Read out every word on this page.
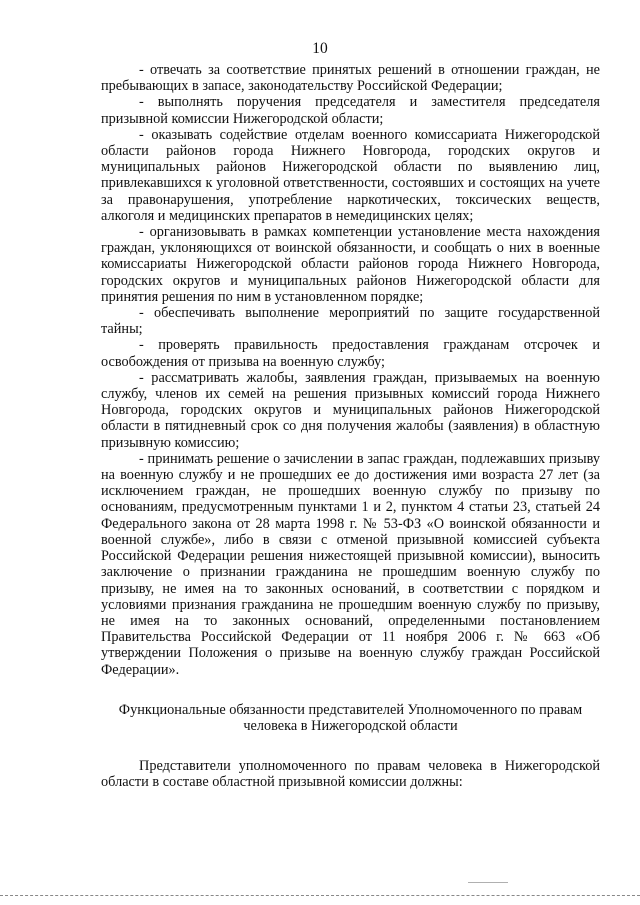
10

- отвечать за соответствие принятых решений в отношении граждан, не пребывающих в запасе, законодательству Российской Федерации;

- выполнять поручения председателя и заместителя председателя призывной комиссии Нижегородской области;

- оказывать содействие отделам военного комиссариата Нижегородской области районов города Нижнего Новгорода, городских округов и муниципальных районов Нижегородской области по выявлению лиц, привлекавшихся к уголовной ответственности, состоявших и состоящих на учете за правонарушения, употребление наркотических, токсических веществ, алкоголя и медицинских препаратов в немедицинских целях;

- организовывать в рамках компетенции установление места нахождения граждан, уклоняющихся от воинской обязанности, и сообщать о них в военные комиссариаты Нижегородской области районов города Нижнего Новгорода, городских округов и муниципальных районов Нижегородской области для принятия решения по ним в установленном порядке;

- обеспечивать выполнение мероприятий по защите государственной тайны;

- проверять правильность предоставления гражданам отсрочек и освобождения от призыва на военную службу;

- рассматривать жалобы, заявления граждан, призываемых на военную службу, членов их семей на решения призывных комиссий города Нижнего Новгорода, городских округов и муниципальных районов Нижегородской области в пятидневный срок со дня получения жалобы (заявления) в областную призывную комиссию;

- принимать решение о зачислении в запас граждан, подлежавших призыву на военную службу и не прошедших ее до достижения ими возраста 27 лет (за исключением граждан, не прошедших военную службу по призыву по основаниям, предусмотренным пунктами 1 и 2, пунктом 4 статьи 23, статьей 24 Федерального закона от 28 марта 1998 г. № 53-ФЗ «О воинской обязанности и военной службе», либо в связи с отменой призывной комиссией субъекта Российской Федерации решения нижестоящей призывной комиссии), выносить заключение о признании гражданина не прошедшим военную службу по призыву, не имея на то законных оснований, в соответствии с порядком и условиями признания гражданина не прошедшим военную службу по призыву, не имея на то законных оснований, определенными постановлением Правительства Российской Федерации от 11 ноября 2006 г. № 663 «Об утверждении Положения о призыве на военную службу граждан Российской Федерации».

Функциональные обязанности представителей Уполномоченного по правам человека в Нижегородской области

Представители уполномоченного по правам человека в Нижегородской области в составе областной призывной комиссии должны:
